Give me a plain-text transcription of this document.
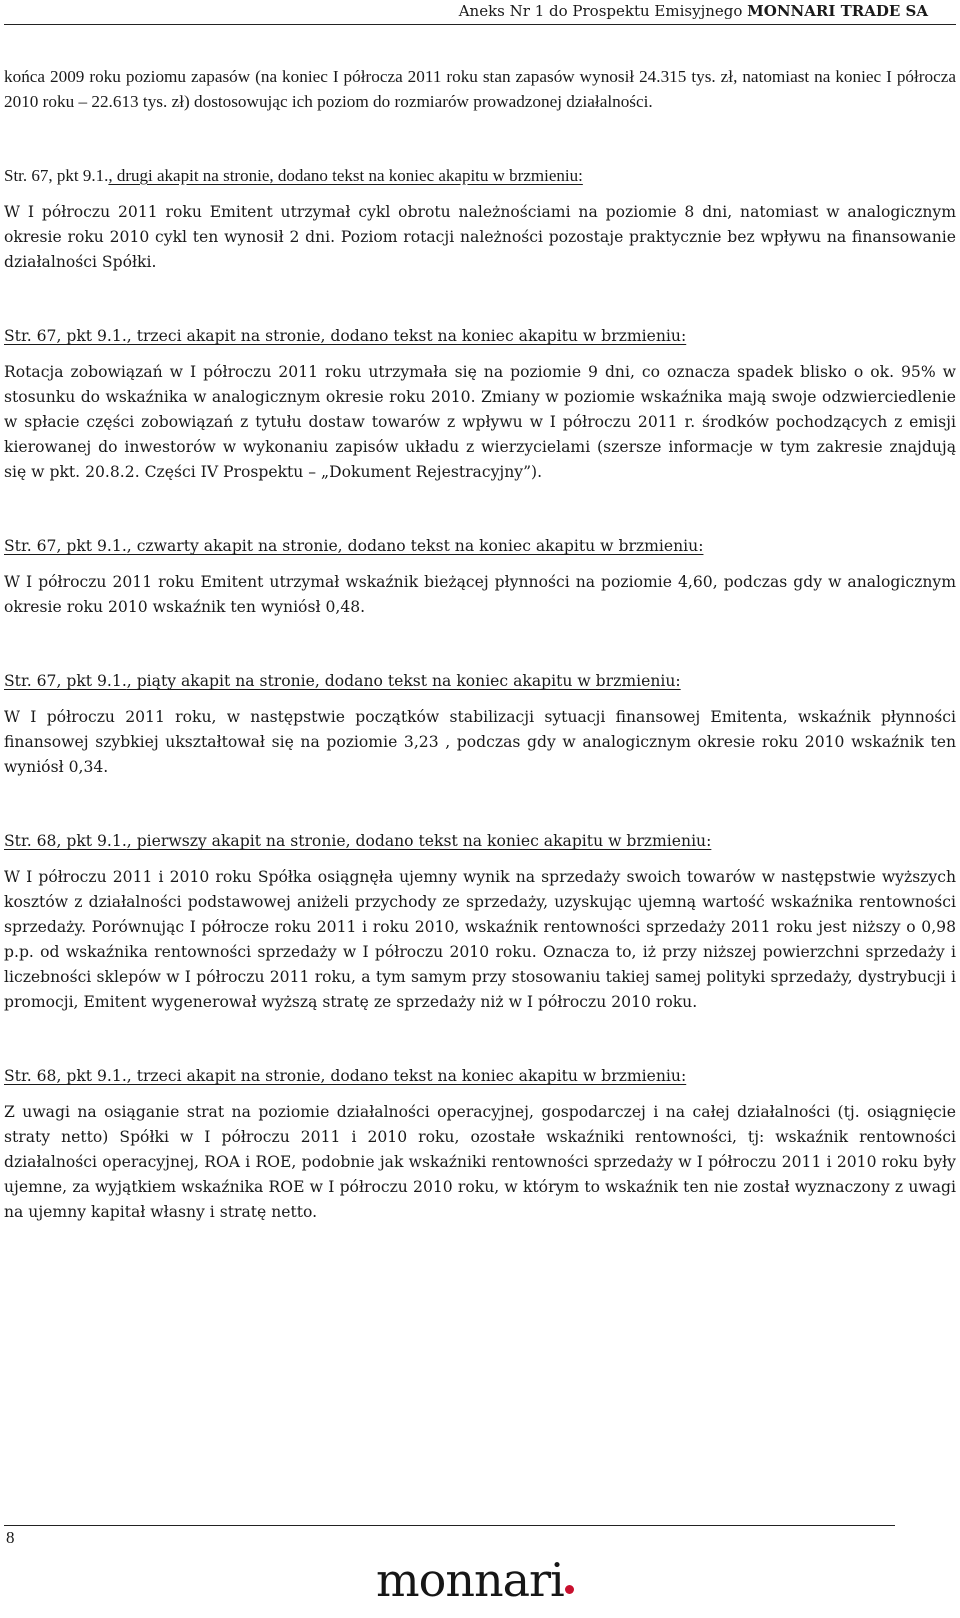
Aneks Nr 1 do Prospektu Emisyjnego MONNARI TRADE SA

końca 2009 roku poziomu zapasów (na koniec I półrocza 2011 roku stan zapasów wynosił 24.315 tys. zł, natomiast na koniec I półrocza 2010 roku – 22.613 tys. zł) dostosowując ich poziom do rozmiarów prowadzonej działalności.

Str. 67, pkt 9.1., drugi akapit na stronie, dodano tekst na koniec akapitu w brzmieniu:

W I półroczu 2011 roku Emitent utrzymał cykl obrotu należnościami na poziomie 8 dni, natomiast w analogicznym okresie roku 2010 cykl ten wynosił 2 dni. Poziom rotacji należności pozostaje praktycznie bez wpływu na finansowanie działalności Spółki.

Str. 67, pkt 9.1., trzeci akapit na stronie, dodano tekst na koniec akapitu w brzmieniu:

Rotacja zobowiązań w I półroczu 2011 roku utrzymała się na poziomie 9 dni, co oznacza spadek blisko o ok. 95% w stosunku do wskaźnika w analogicznym okresie roku 2010. Zmiany w poziomie wskaźnika mają swoje odzwierciedlenie w spłacie części zobowiązań z tytułu dostaw towarów z wpływu w I półroczu 2011 r. środków pochodzących z emisji kierowanej do inwestorów w wykonaniu zapisów układu z wierzycielami (szersze informacje w tym zakresie znajdują się w pkt. 20.8.2. Części IV Prospektu – „Dokument Rejestracyjny”).

Str. 67, pkt 9.1., czwarty akapit na stronie, dodano tekst na koniec akapitu w brzmieniu:

W I półroczu 2011 roku Emitent utrzymał wskaźnik bieżącej płynności na poziomie 4,60, podczas gdy w analogicznym okresie roku 2010 wskaźnik ten wyniósł 0,48.

Str. 67, pkt 9.1., piąty akapit na stronie, dodano tekst na koniec akapitu w brzmieniu:

W I półroczu 2011 roku, w następstwie początków stabilizacji sytuacji finansowej Emitenta, wskaźnik płynności finansowej szybkiej ukształtował się na poziomie 3,23 , podczas gdy w analogicznym okresie roku 2010 wskaźnik ten wyniósł 0,34.

Str. 68, pkt 9.1., pierwszy akapit na stronie, dodano tekst na koniec akapitu w brzmieniu:

W I półroczu 2011 i 2010 roku Spółka osiągnęła ujemny wynik na sprzedaży swoich towarów w następstwie wyższych kosztów z działalności podstawowej aniżeli przychody ze sprzedaży, uzyskując ujemną wartość wskaźnika rentowności sprzedaży. Porównując I półrocze roku 2011 i roku 2010, wskaźnik rentowności sprzedaży 2011 roku jest niższy o 0,98 p.p. od wskaźnika rentowności sprzedaży w I półroczu 2010 roku. Oznacza to, iż przy niższej powierzchni sprzedaży i liczebności sklepów w I półroczu 2011 roku, a tym samym przy stosowaniu takiej samej polityki sprzedaży, dystrybucji i promocji, Emitent wygenerował wyższą stratę ze sprzedaży niż w I półroczu 2010 roku.

Str. 68, pkt 9.1., trzeci akapit na stronie, dodano tekst na koniec akapitu w brzmieniu:

Z uwagi na osiąganie strat na poziomie działalności operacyjnej, gospodarczej i na całej działalności (tj. osiągnięcie straty netto) Spółki w I półroczu 2011 i 2010 roku, ozostałe wskaźniki rentowności, tj: wskaźnik rentowności działalności operacyjnej, ROA i ROE, podobnie jak wskaźniki rentowności sprzedaży w I półroczu 2011 i 2010 roku były ujemne, za wyjątkiem wskaźnika ROE w I półroczu 2010 roku, w którym to wskaźnik ten nie został wyznaczony z uwagi na ujemny kapitał własny i stratę netto.

8
monnari
